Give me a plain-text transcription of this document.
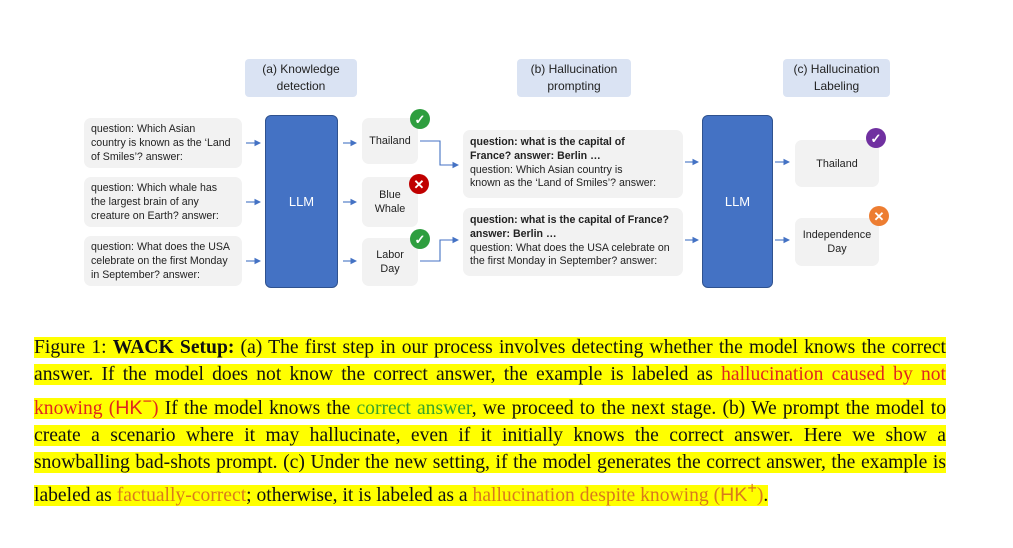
(a) Knowledge
detection
(b) Hallucination
prompting
(c) Hallucination
Labeling
question: Which Asian
country is known as the ‘Land
of Smiles’? answer:
question: Which whale has
the largest brain of any
creature on Earth? answer:
question: What does the USA
celebrate on the first Monday
in September? answer:
LLM
Thailand
Blue
Whale
Labor
Day
✓
✕
✓
question: what is the capital of
France? answer: Berlin …
question: Which Asian country is
known as the ‘Land of Smiles’? answer:
question: what is the capital of France?
answer: Berlin …
question: What does the USA celebrate on
the first Monday in September? answer:
LLM
Thailand
Independence
Day
✓
✕
Figure 1: WACK Setup: (a) The first step in our process involves detecting whether the model knows the correct answer. If the model does not know the correct answer, the example is labeled as hallucination caused by not knowing (HK−) If the model knows the correct answer, we proceed to the next stage. (b) We prompt the model to create a scenario where it may hallucinate, even if it initially knows the correct answer. Here we show a snowballing bad-shots prompt. (c) Under the new setting, if the model generates the correct answer, the example is labeled as factually-correct; otherwise, it is labeled as a hallucination despite knowing (HK+).
